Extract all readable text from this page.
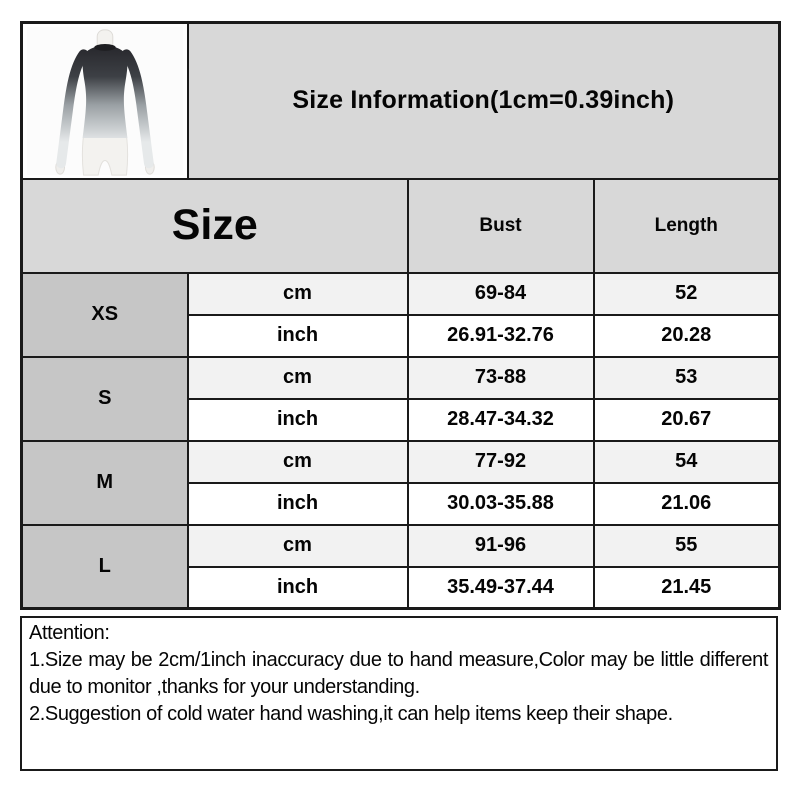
	Size Information(1cm=0.39inch)		
Size		Bust	Length
XS	cm	69-84	52
	inch	26.91-32.76	20.28
S	cm	73-88	53
	inch	28.47-34.32	20.67
M	cm	77-92	54
	inch	30.03-35.88	21.06
L	cm	91-96	55
	inch	35.49-37.44	21.45
Attention:
1.Size may be 2cm/1inch inaccuracy due to hand measure,Color may be little different due to monitor ,thanks for your understanding.
2.Suggestion of cold water hand washing,it can help items keep their shape.
